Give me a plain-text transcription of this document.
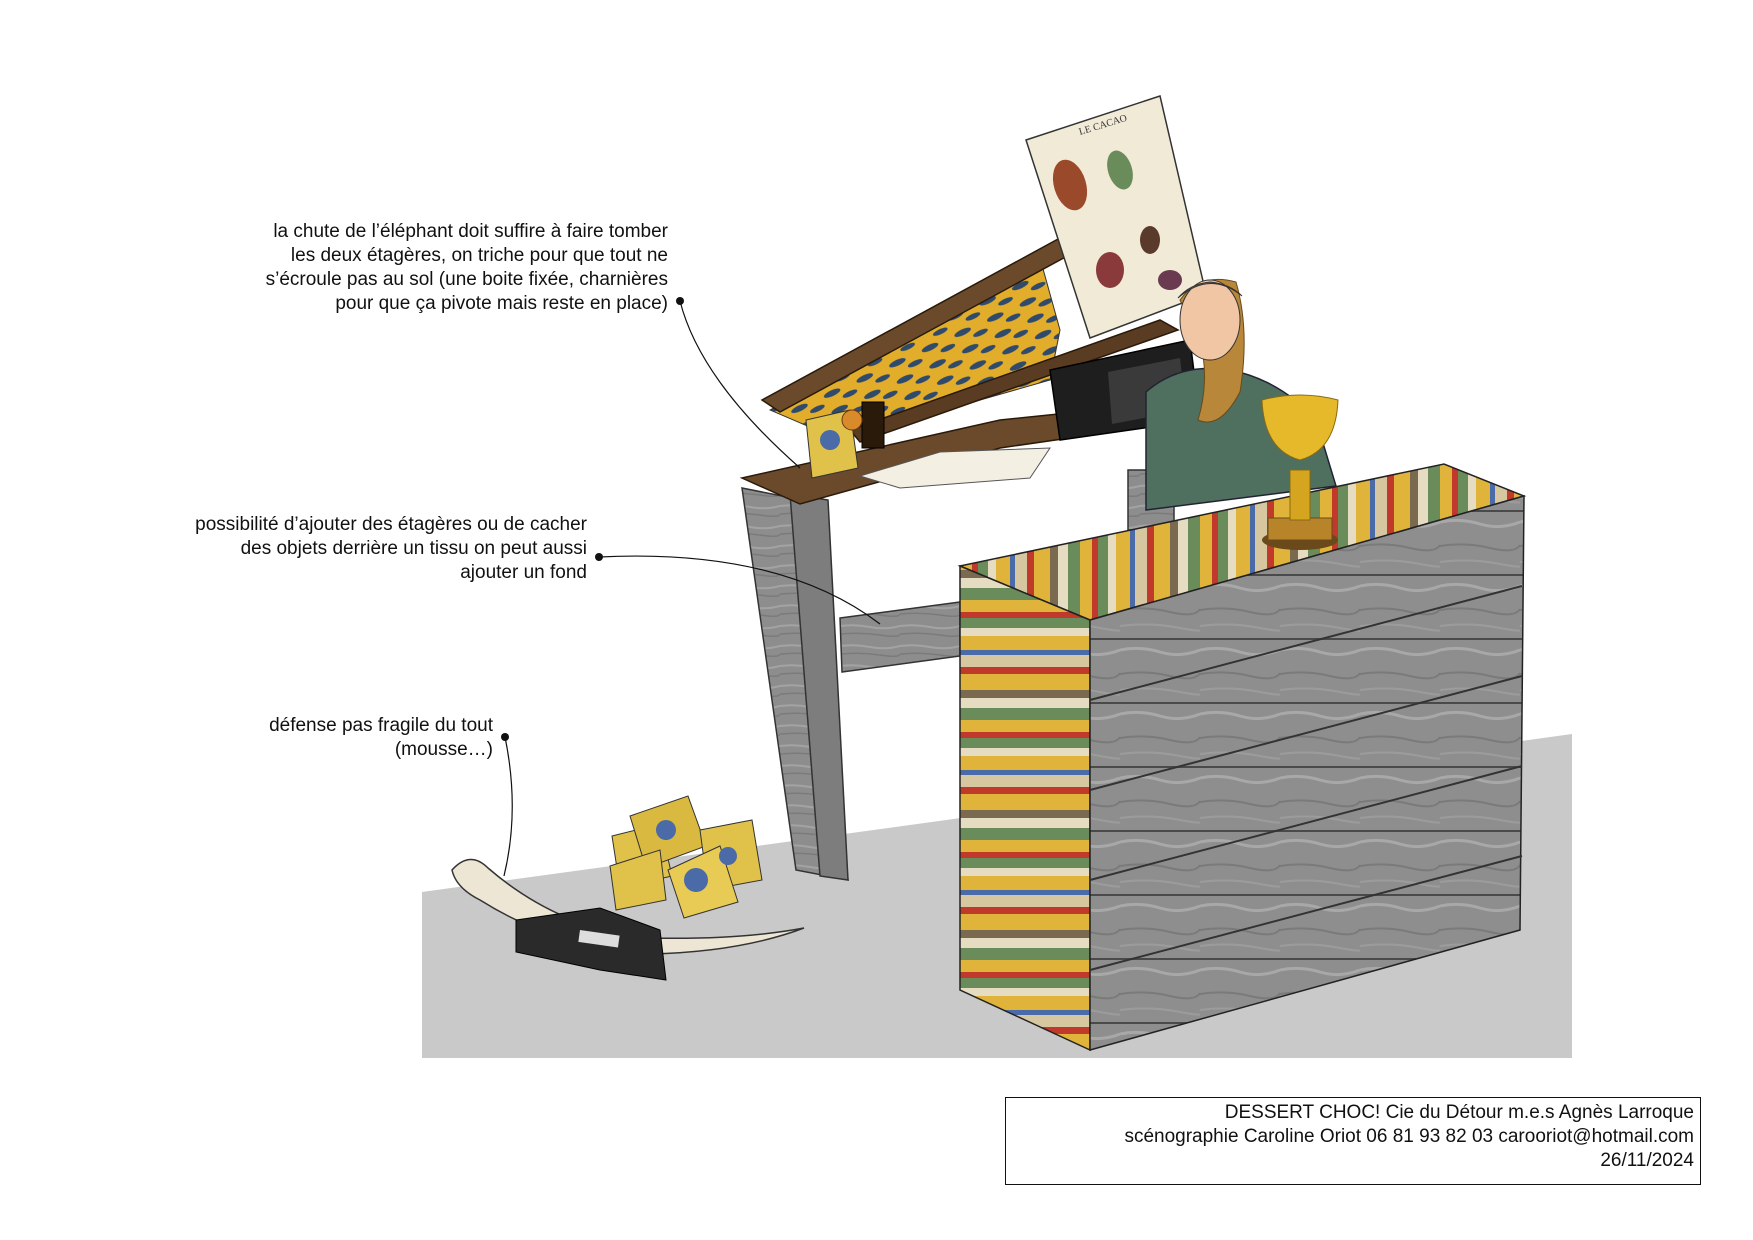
LE CACAO
la chute de l’éléphant doit suffire à faire tomber
les deux étagères, on triche pour que tout ne
s’écroule pas au sol (une boite fixée, charnières
pour que ça pivote mais reste en place)
possibilité d’ajouter des étagères ou de cacher
des objets derrière un tissu on peut aussi
ajouter un fond
défense pas fragile du tout
(mousse…)
DESSERT CHOC! Cie du Détour m.e.s Agnès Larroque
scénographie Caroline Oriot 06 81 93 82 03 carooriot@hotmail.com
26/11/2024
